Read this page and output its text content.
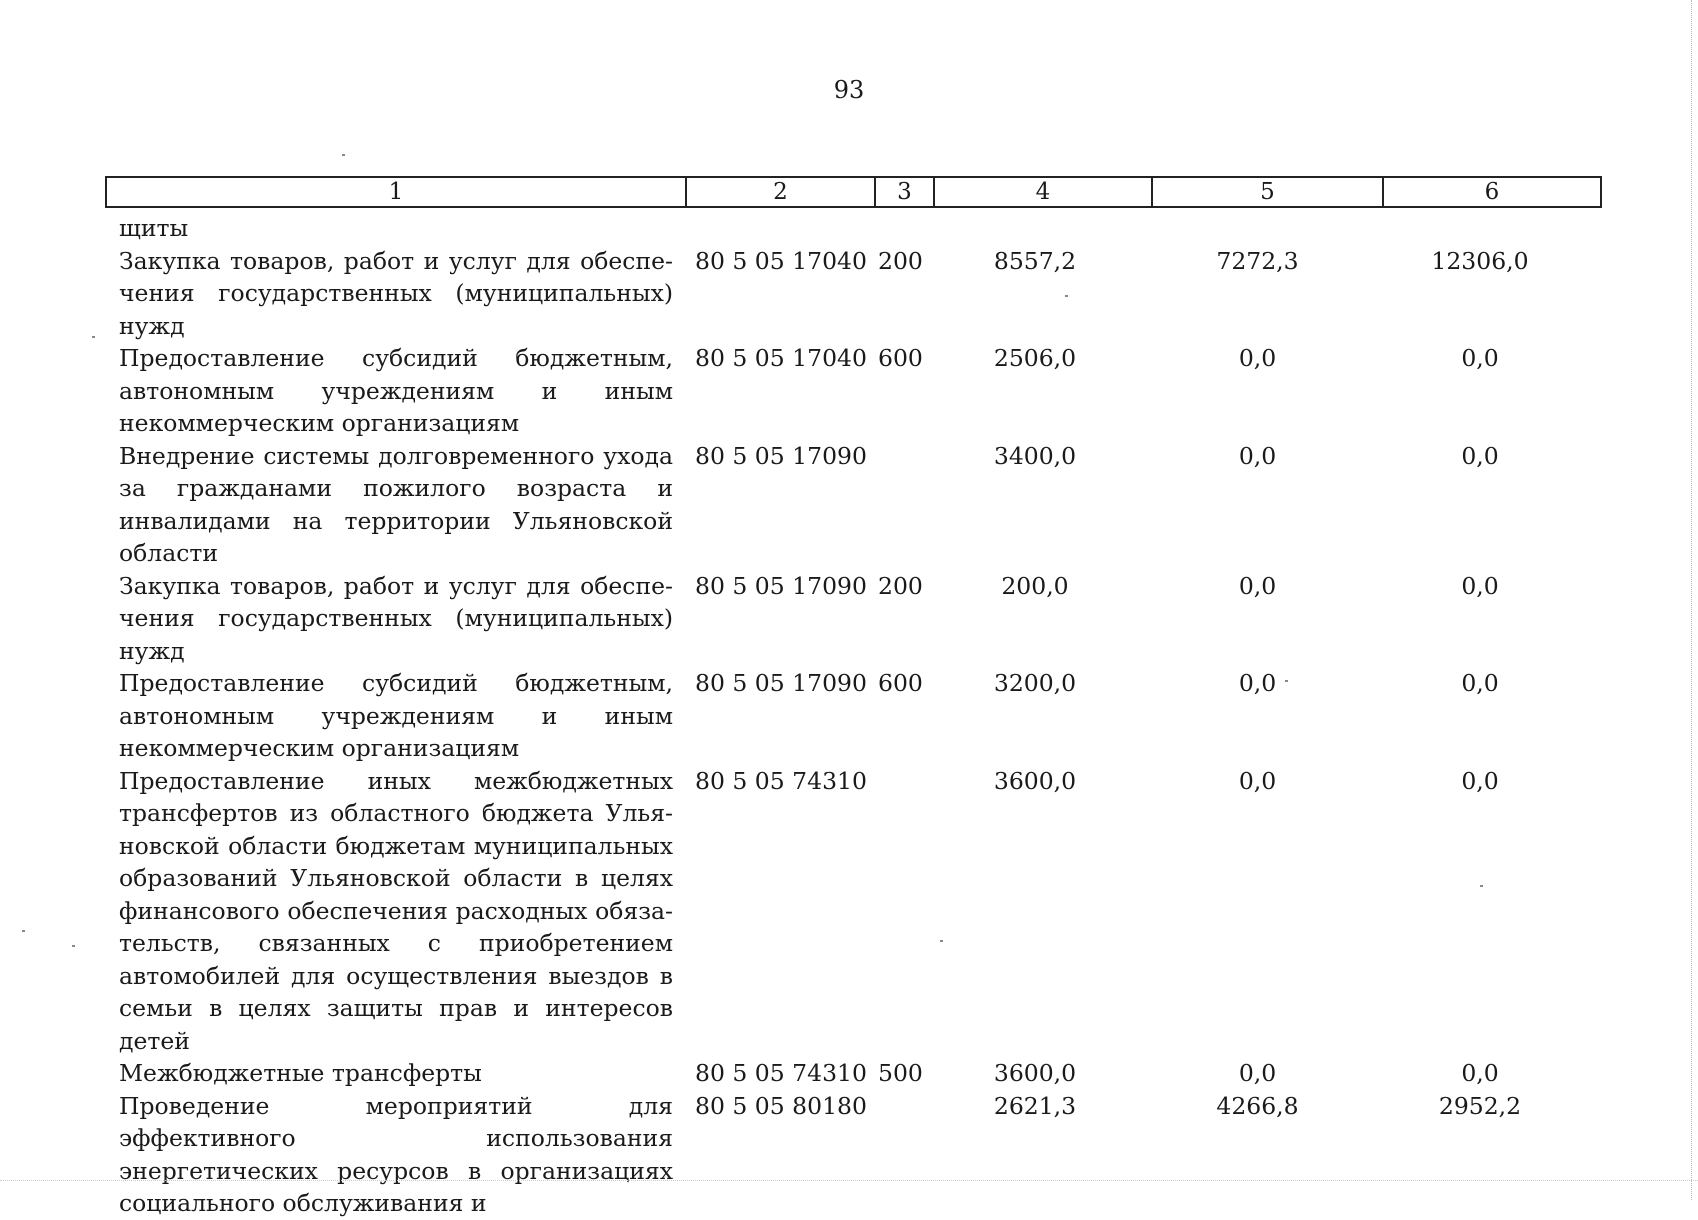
93
1	2	3	4	5	6
щиты					
Закупка товаров, работ и услуг для обеспечения государственных (муниципальных) нужд	80 5 05 17040	200	8557,2	7272,3	12306,0
Предоставление субсидий бюджетным, автономным учреждениям и иным некоммерческим организациям	80 5 05 17040	600	2506,0	0,0	0,0
Внедрение системы долговременного ухода за гражданами пожилого возраста и инвалидами на территории Ульяновской области	80 5 05 17090		3400,0	0,0	0,0
Закупка товаров, работ и услуг для обеспечения государственных (муниципальных) нужд	80 5 05 17090	200	200,0	0,0	0,0
Предоставление субсидий бюджетным, автономным учреждениям и иным некоммерческим организациям	80 5 05 17090	600	3200,0	0,0	0,0
Предоставление иных межбюджетных трансфертов из областного бюджета Ульяновской области бюджетам муниципальных образований Ульяновской области в целях финансового обеспечения расходных обязательств, связанных с приобретением автомобилей для осуществления выездов в семьи в целях защиты прав и интересов детей	80 5 05 74310		3600,0	0,0	0,0
Межбюджетные трансферты	80 5 05 74310	500	3600,0	0,0	0,0
Проведение мероприятий для эффективного использования энергетических ресурсов в организациях социального обслуживания и	80 5 05 80180		2621,3	4266,8	2952,2
